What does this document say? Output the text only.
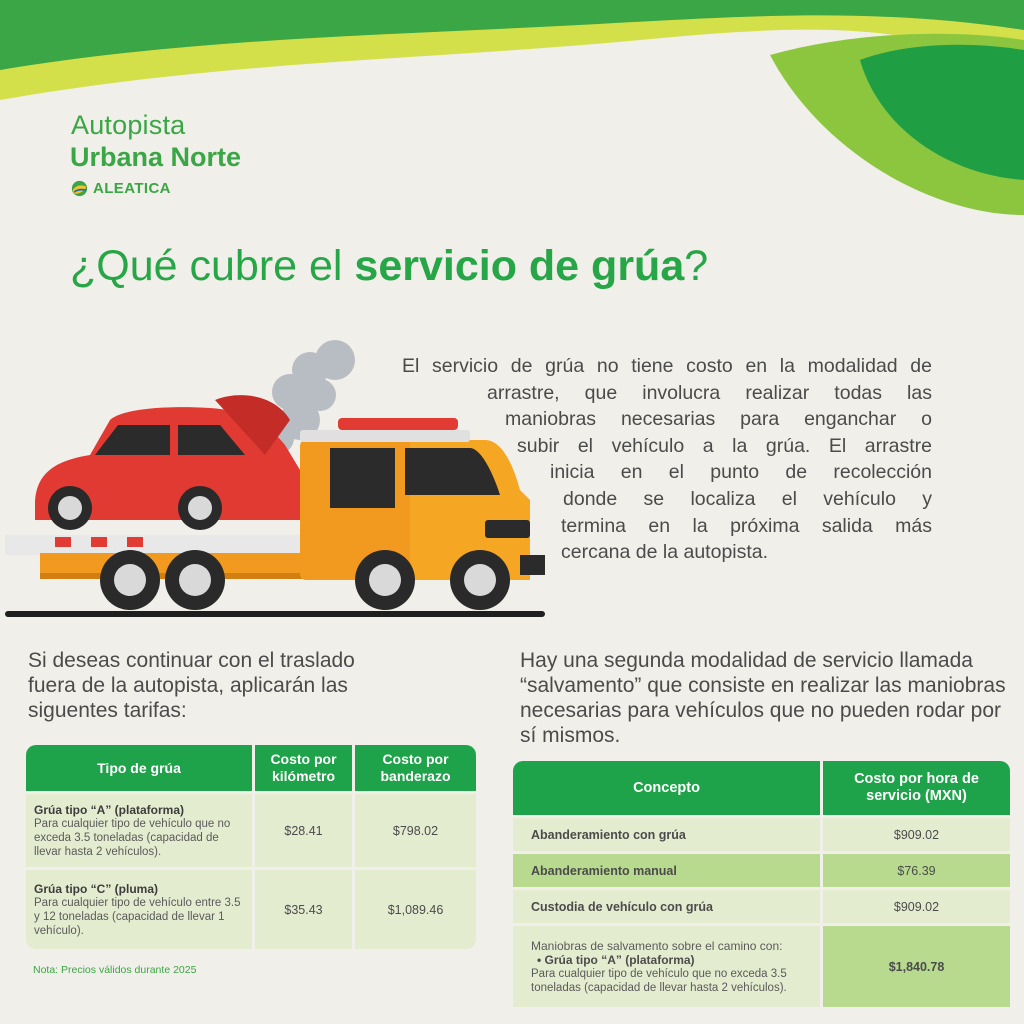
Autopista
Urbana Norte
ALEATICA
¿Qué cubre el servicio de grúa?
El servicio de grúa no tiene costo en la modalidad de
arrastre, que involucra realizar todas las
maniobras necesarias para enganchar o
subir el vehículo a la grúa. El arrastre
inicia en el punto de recolección
donde se localiza el vehículo y
termina en la próxima salida más
cercana de la autopista.
Si deseas continuar con el traslado fuera de la autopista, aplicarán las siguentes tarifas:
Hay una segunda modalidad de servicio llamada “salvamento” que consiste en realizar las maniobras necesarias para vehículos que no pueden rodar por sí mismos.
Tipo de grúa	Costo por kilómetro	Costo por banderazo

Grúa tipo “A” (plataforma)
Para cualquier tipo de vehículo que no exceda 3.5 toneladas (capacidad de llevar hasta 2 vehículos).	$28.41	$798.02

Grúa tipo “C” (pluma)
Para cualquier tipo de vehículo entre 3.5 y 12 toneladas (capacidad de llevar 1 vehículo).	$35.43	$1,089.46
Nota: Precios válidos durante 2025
Concepto	Costo por hora de servicio (MXN)
Abanderamiento con grúa	$909.02
Abanderamiento manual	$76.39
Custodia de vehículo con grúa	$909.02

Maniobras de salvamento sobre el camino con:
• Grúa tipo “A” (plataforma)
Para cualquier tipo de vehículo que no exceda 3.5 toneladas (capacidad de llevar hasta 2 vehículos).	$1,840.78
